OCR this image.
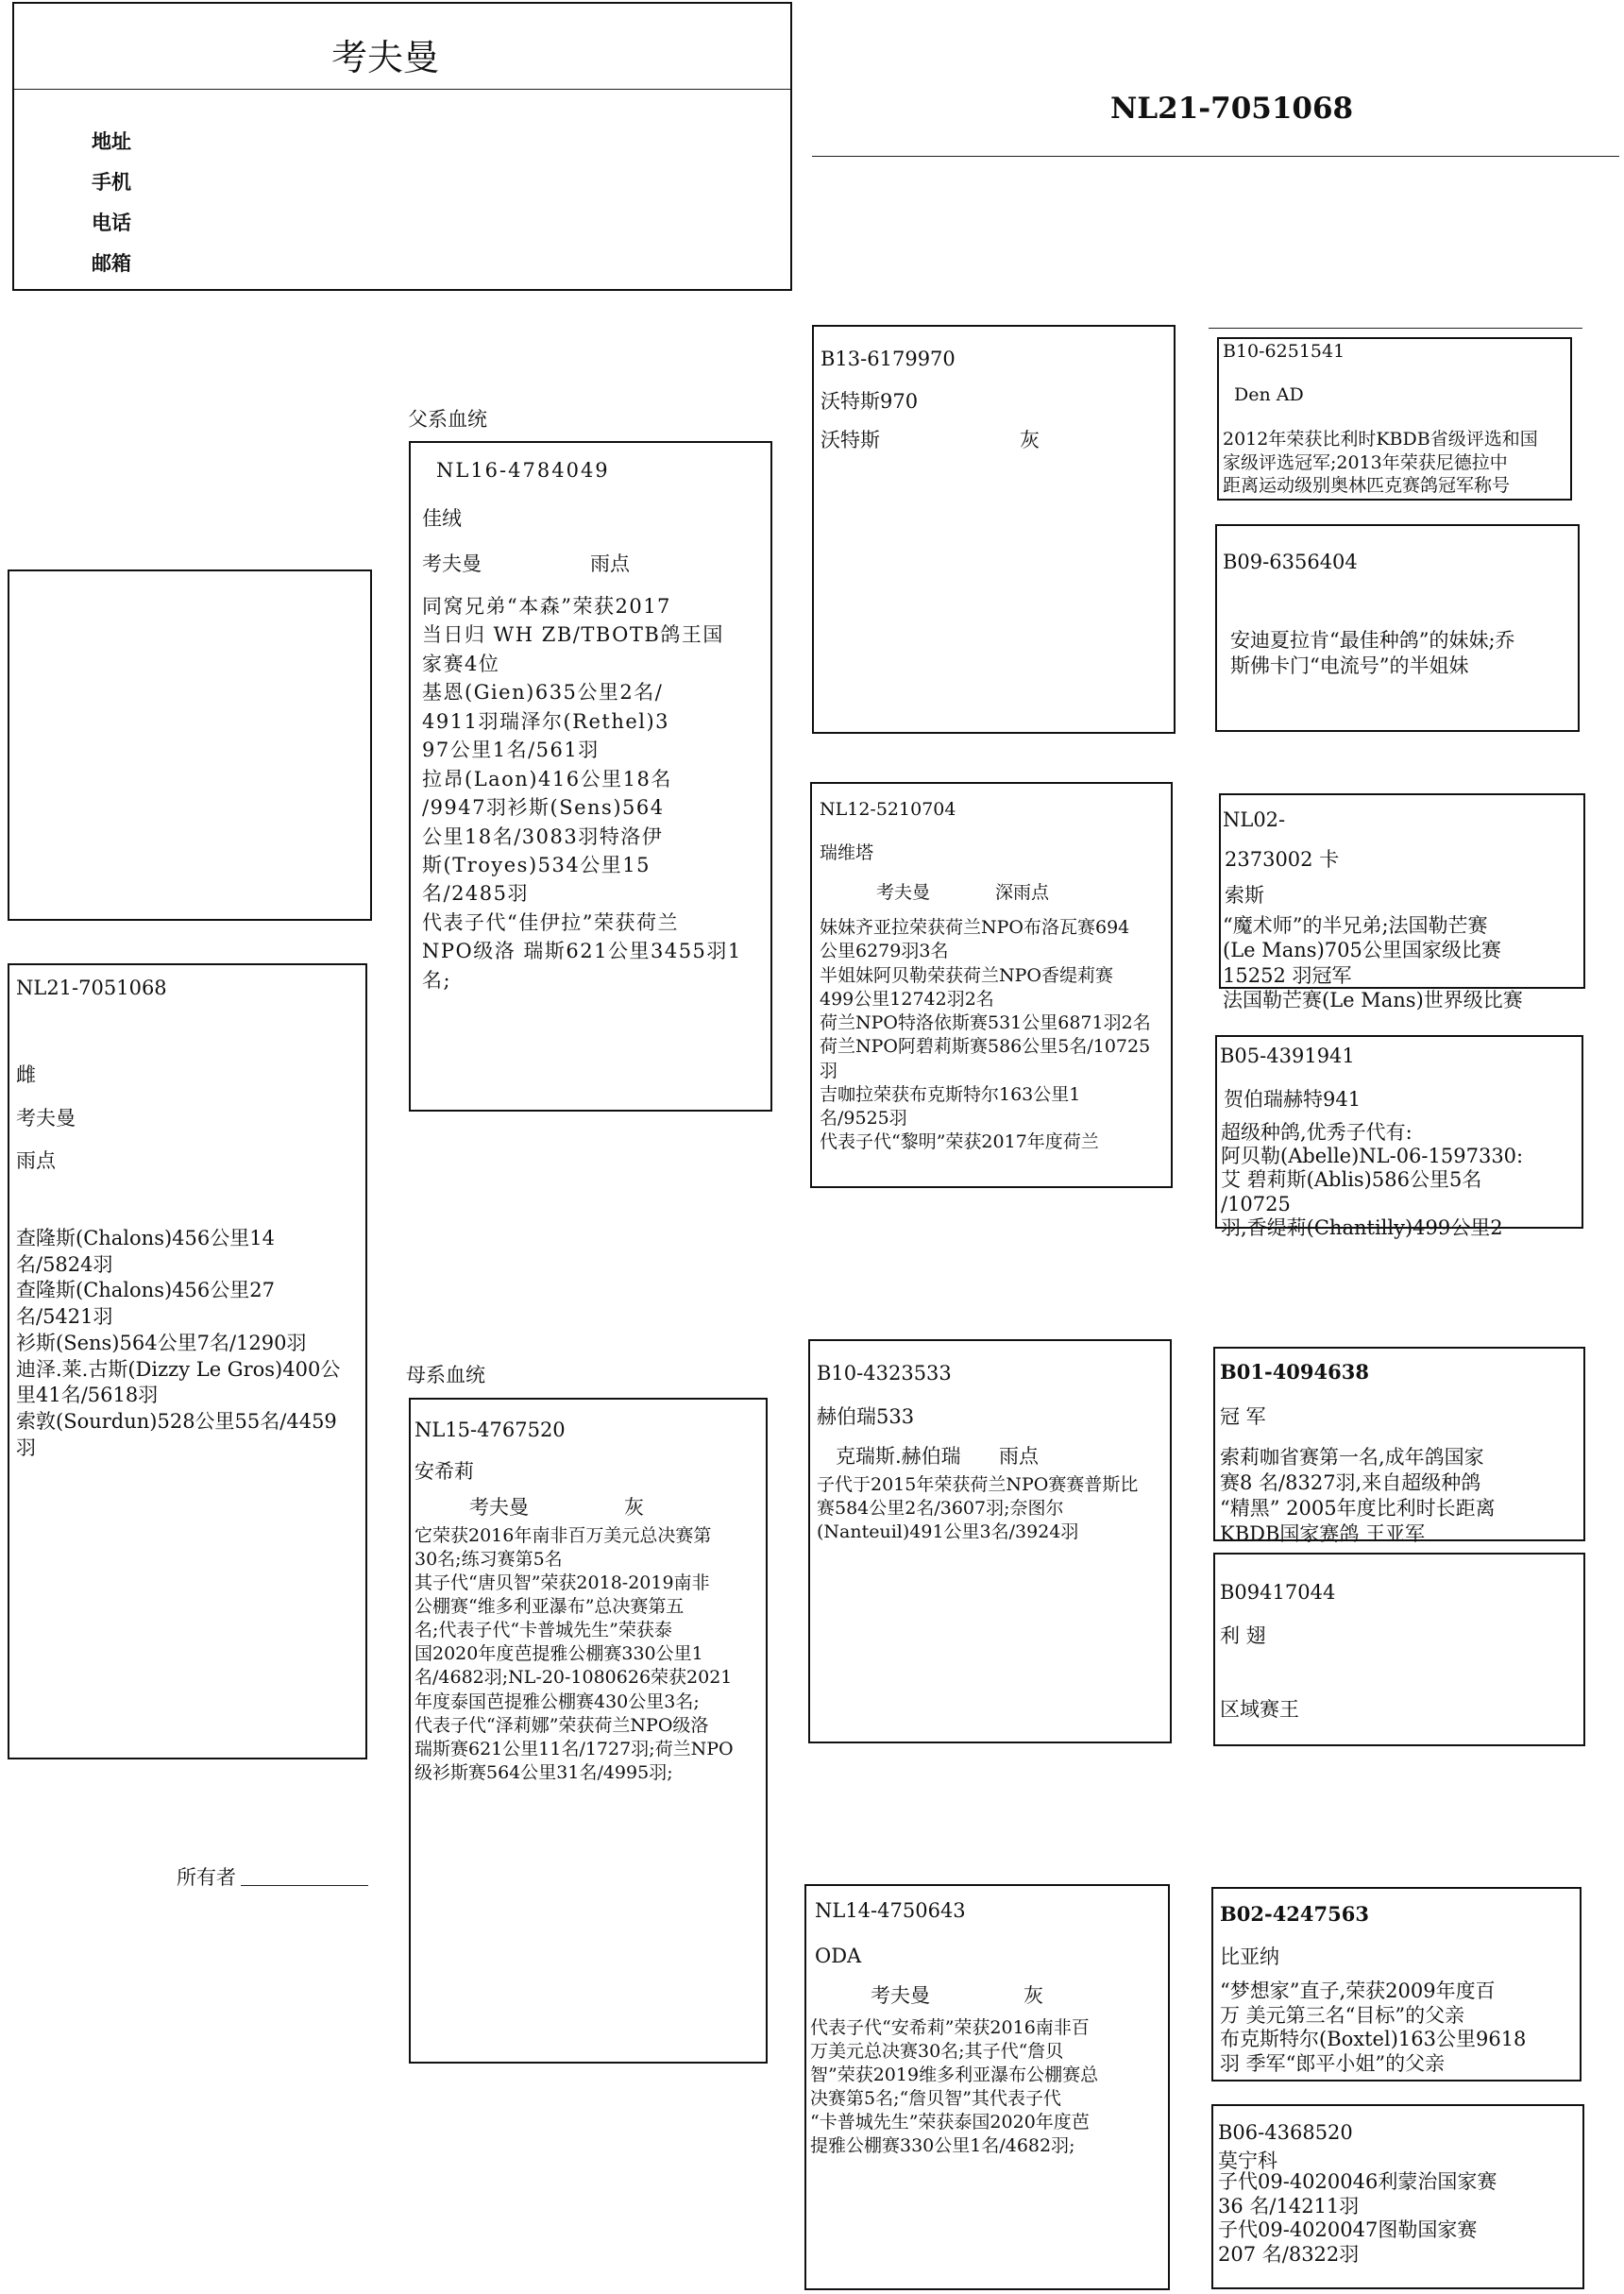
考夫曼
地址
手机
电话
邮箱
NL21-7051068
NL21-7051068
雌
考夫曼
雨点
查隆斯(Chalons)456公里14
名/5824羽
查隆斯(Chalons)456公里27
名/5421羽
衫斯(Sens)564公里7名/1290羽
迪泽.莱.古斯(Dizzy Le Gros)400公
里41名/5618羽
索敦(Sourdun)528公里55名/4459
羽
所有者
父系血统
NL16-4784049
佳绒
考夫曼	雨点
同窝兄弟“本森”荣获2017
当日归 WH ZB/TBOTB鸽王国
家赛4位
基恩(Gien)635公里2名/
4911羽瑞泽尔(Rethel)3
97公里1名/561羽
拉昂(Laon)416公里18名
/9947羽衫斯(Sens)564
公里18名/3083羽特洛伊
斯(Troyes)534公里15
名/2485羽
代表子代“佳伊拉”荣获荷兰
NPO级洛 瑞斯621公里3455羽1名;
母系血统
NL15-4767520
安希莉
考夫曼	灰
它荣获2016年南非百万美元总决赛第
30名;练习赛第5名
其子代“唐贝智”荣获2018-2019南非
公棚赛“维多利亚瀑布”总决赛第五
名;代表子代“卡普城先生”荣获泰
国2020年度芭提雅公棚赛330公里1
名/4682羽;NL-20-1080626荣获2021
年度泰国芭提雅公棚赛430公里3名;
代表子代“泽莉娜”荣获荷兰NPO级洛
瑞斯赛621公里11名/1727羽;荷兰NPO
级衫斯赛564公里31名/4995羽;
B13-6179970
沃特斯970
沃特斯	灰
NL12-5210704
瑞维塔
考夫曼	深雨点
妹妹齐亚拉荣获荷兰NPO布洛瓦赛694
公里6279羽3名
半姐妹阿贝勒荣获荷兰NPO香缇莉赛
499公里12742羽2名
荷兰NPO特洛依斯赛531公里6871羽2名
荷兰NPO阿碧莉斯赛586公里5名/10725
羽
吉咖拉荣获布克斯特尔163公里1
名/9525羽
代表子代“黎明”荣获2017年度荷兰
B10-4323533
赫伯瑞533
克瑞斯.赫伯瑞 雨点
子代于2015年荣获荷兰NPO赛赛普斯比
赛584公里2名/3607羽;奈图尔
(Nanteuil)491公里3名/3924羽
NL14-4750643
ODA
考夫曼	灰
代表子代“安希莉”荣获2016南非百
万美元总决赛30名;其子代“詹贝
智”荣获2019维多利亚瀑布公棚赛总
决赛第5名;“詹贝智”其代表子代
“卡普城先生”荣获泰国2020年度芭
提雅公棚赛330公里1名/4682羽;
B10-6251541
Den AD
2012年荣获比利时KBDB省级评选和国
家级评选冠军;2013年荣获尼德拉中
距离运动级别奥林匹克赛鸽冠军称号
B09-6356404
安迪夏拉肯“最佳种鸽”的妹妹;乔
斯佛卡门“电流号”的半姐妹
NL02-
2373002 卡
索斯
“魔术师”的半兄弟;法国勒芒赛
(Le Mans)705公里国家级比赛
15252 羽冠军
法国勒芒赛(Le Mans)世界级比赛
B05-4391941
贺伯瑞赫特941
超级种鸽,优秀子代有:
阿贝勒(Abelle)NL-06-1597330:
艾 碧莉斯(Ablis)586公里5名
/10725
羽,香缇莉(Chantilly)499公里2
B01-4094638
冠 军
索莉咖省赛第一名,成年鸽国家
赛8 名/8327羽,来自超级种鸽
“精黑” 2005年度比利时长距离
KBDB国家赛鸽 王亚军
B09417044
利 翅
区域赛王
B02-4247563
比亚纳
“梦想家”直子,荣获2009年度百
万 美元第三名“目标”的父亲
布克斯特尔(Boxtel)163公里9618
羽 季军“郎平小姐”的父亲
B06-4368520
莫宁科
子代09-4020046利蒙治国家赛
36 名/14211羽
子代09-4020047图勒国家赛
207 名/8322羽
